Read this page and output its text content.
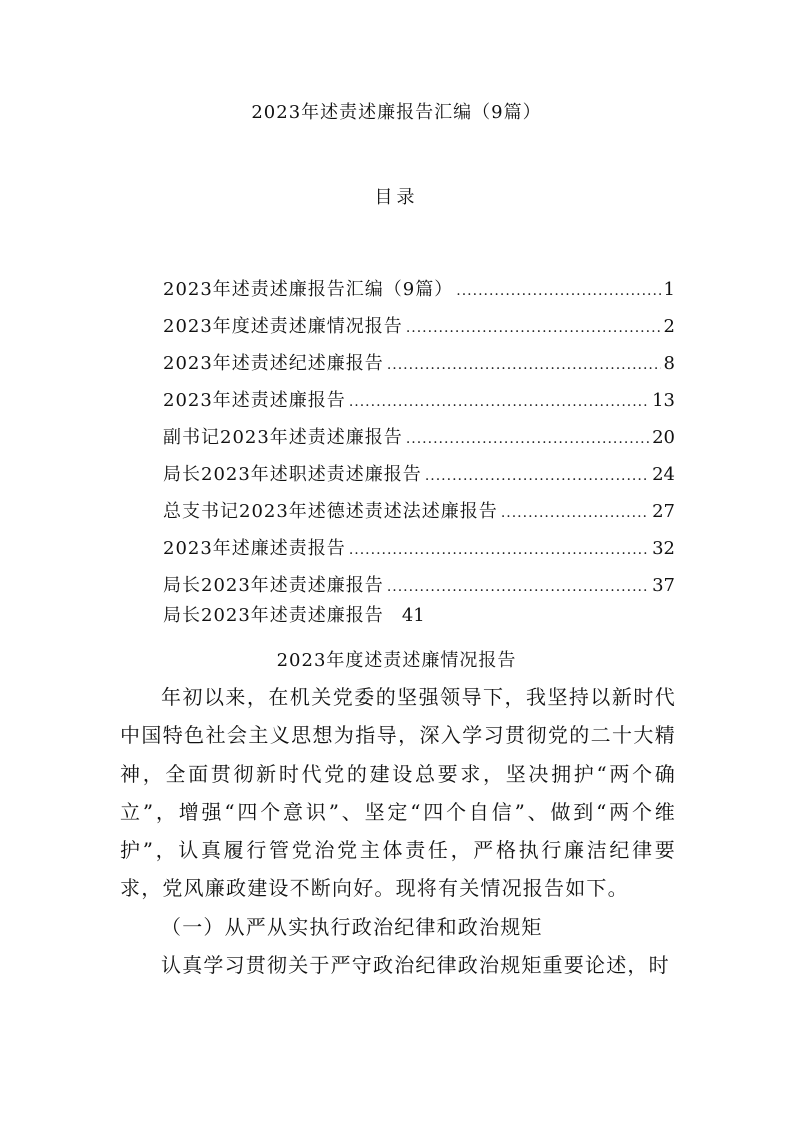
2023年述责述廉报告汇编（9篇）
目录
2023年述责述廉报告汇编（9篇） .....	1
2023年度述责述廉情况报告 .....	2
2023年述责述纪述廉报告 .....	8
2023年述责述廉报告 .....	13
副书记2023年述责述廉报告 .....	20
局长2023年述职述责述廉报告 .....	24
总支书记2023年述德述责述法述廉报告 .....	27
2023年述廉述责报告 .....	32
局长2023年述责述廉报告 .....	37
局长2023年述责述廉报告 41
2023年度述责述廉情况报告

年初以来，在机关党委的坚强领导下，我坚持以新时代中国特色社会主义思想为指导，深入学习贯彻党的二十大精神，全面贯彻新时代党的建设总要求，坚决拥护“两个确立”，增强“四个意识”、坚定“四个自信”、做到“两个维护”，认真履行管党治党主体责任，严格执行廉洁纪律要求，党风廉政建设不断向好。现将有关情况报告如下。

（一）从严从实执行政治纪律和政治规矩

认真学习贯彻关于严守政治纪律政治规矩重要论述，时
